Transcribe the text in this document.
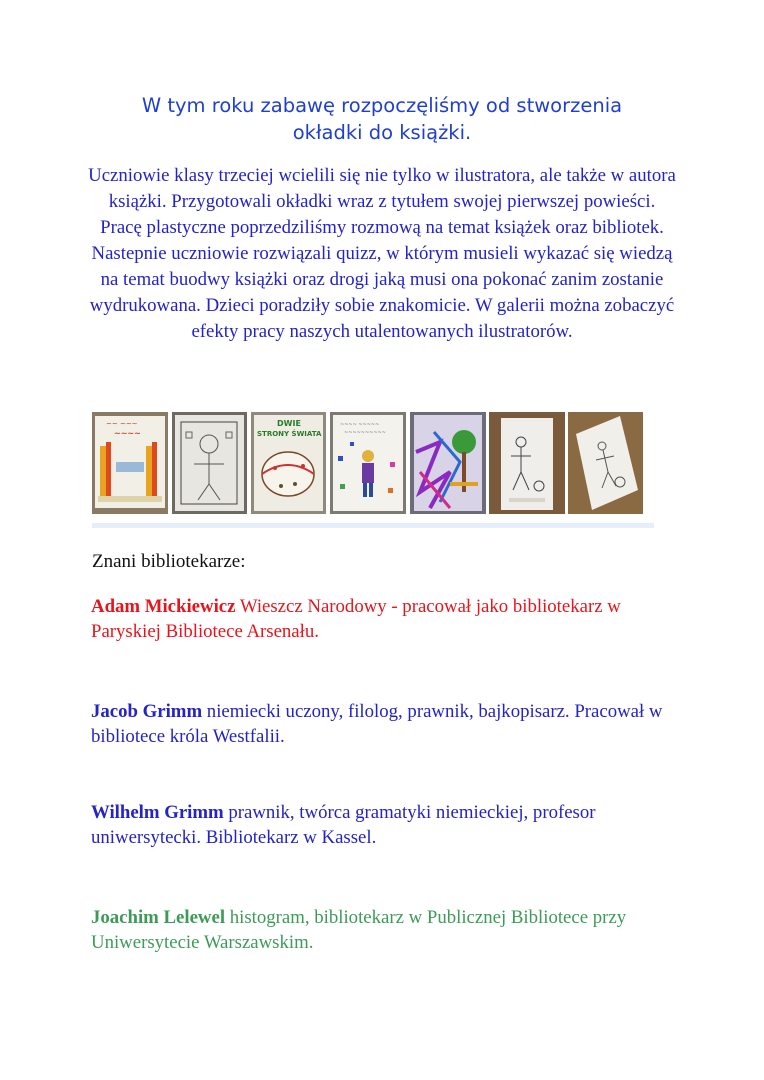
W tym roku zabawę rozpoczęliśmy od stworzenia
okładki do książki.
Uczniowie klasy trzeciej wcielili się nie tylko w ilustratora, ale także w autora książki. Przygotowali okładki wraz z tytułem swojej pierwszej powieści. Pracę plastyczne poprzedziliśmy rozmową na temat książek oraz bibliotek. Nastepnie uczniowie rozwiązali quizz, w którym musieli wykazać się wiedzą na temat buodwy książki oraz drogi jaką musi ona pokonać zanim zostanie wydrukowana. Dzieci poradziły sobie znakomicie. W galerii można zobaczyć efekty pracy naszych utalentowanych ilustratorów.
~~ ~~~
~~~~
DWIE
STRONY ŚWIATA
~~~~ ~~~~~
~~~~~~~~~~
Znani bibliotekarze:
Adam Mickiewicz Wieszcz Narodowy - pracował jako bibliotekarz w Paryskiej Bibliotece Arsenału.
Jacob Grimm niemiecki uczony, filolog, prawnik, bajkopisarz. Pracował w bibliotece króla Westfalii.
Wilhelm Grimm prawnik, twórca gramatyki niemieckiej, profesor uniwersytecki. Bibliotekarz w Kassel.
Joachim Lelewel histogram, bibliotekarz w Publicznej Bibliotece przy Uniwersytecie Warszawskim.
